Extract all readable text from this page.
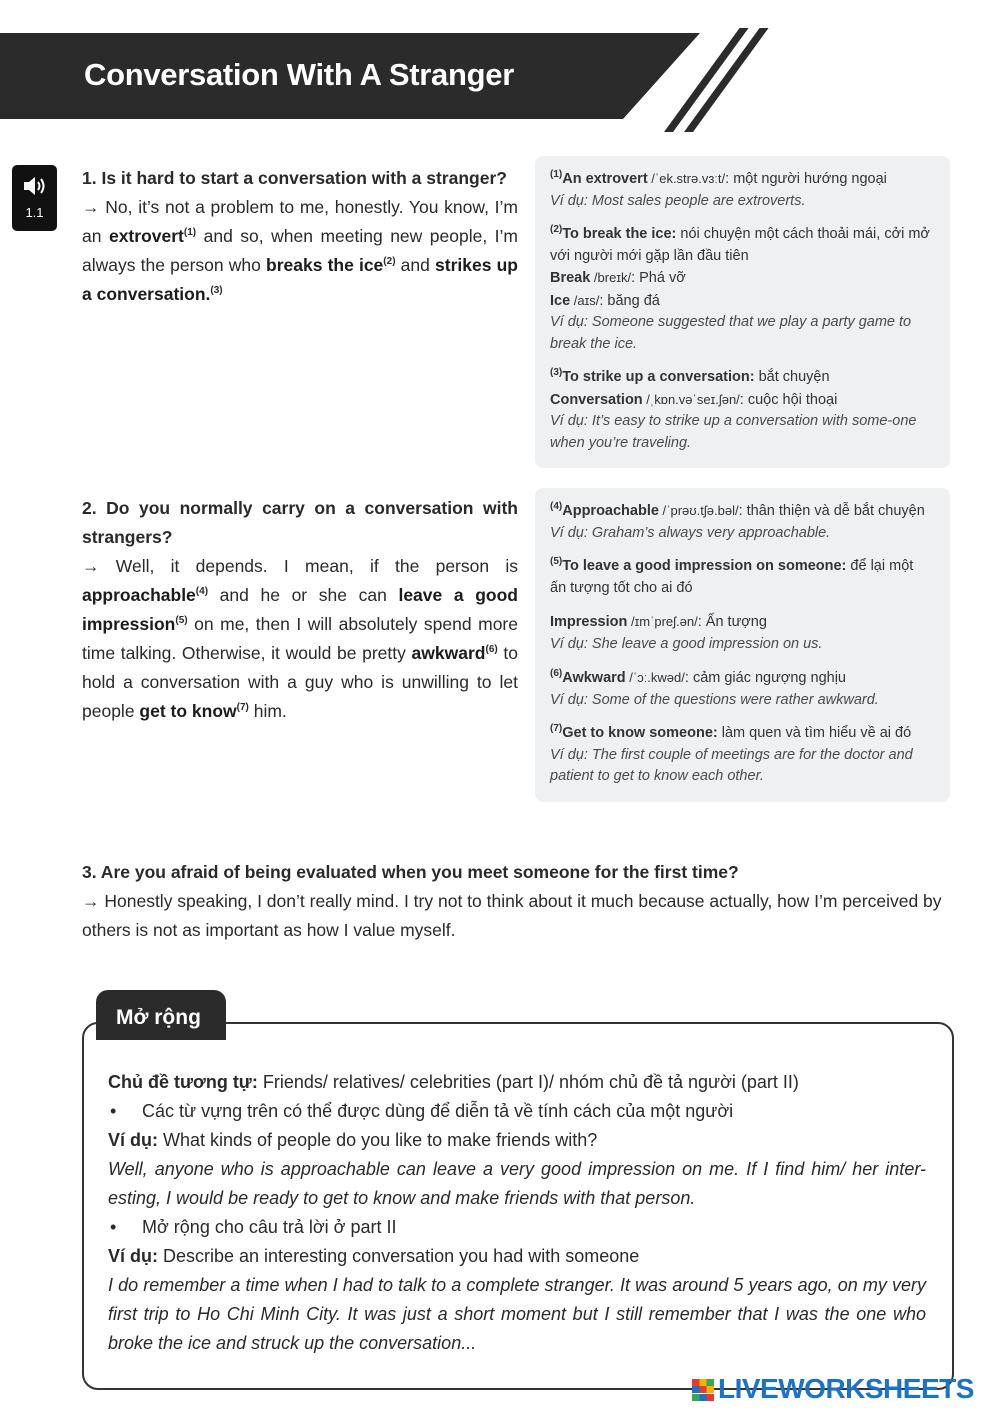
Conversation With A Stranger
1.1
1. Is it hard to start a conversation with a stranger?
→ No, it’s not a problem to me, honestly. You know, I’m an extrovert$^{(1)}$ and so, when meeting new people, I’m always the person who breaks the ice$^{(2)}$ and strikes up a conversation.$^{(3)}$
$^{(1)}$An extrovert /ˈek.strə.vɜːt/: một người hướng ngoại
Ví dụ: Most sales people are extroverts.
$^{(2)}$To break the ice: nói chuyện một cách thoải mái, cởi mở với người mới gặp lần đầu tiên
Break /breɪk/: Phá vỡ
Ice /aɪs/: băng đá
Ví dụ: Someone suggested that we play a party game to break the ice.
$^{(3)}$To strike up a conversation: bắt chuyện
Conversation /ˌkɒn.vəˈseɪ.ʃən/: cuộc hội thoại
Ví dụ: It’s easy to strike up a conversation with some-one when you’re traveling.
2. Do you normally carry on a conversation with strangers?
→ Well, it depends. I mean, if the person is approachable$^{(4)}$ and he or she can leave a good impression$^{(5)}$ on me, then I will absolutely spend more time talking. Otherwise, it would be pretty awkward$^{(6)}$ to hold a conversation with a guy who is unwilling to let people get to know$^{(7)}$ him.
$^{(4)}$Approachable /ˈprəʊ.tʃə.bəl/: thân thiện và dễ bắt chuyện
Ví dụ: Graham’s always very approachable.
$^{(5)}$To leave a good impression on someone: để lại một ấn tượng tốt cho ai đó
Impression /ɪmˈpreʃ.ən/: Ấn tượng
Ví dụ: She leave a good impression on us.
$^{(6)}$Awkward /ˈɔː.kwəd/: cảm giác ngượng nghịu
Ví dụ: Some of the questions were rather awkward.
$^{(7)}$Get to know someone: làm quen và tìm hiểu về ai đó
Ví dụ: The first couple of meetings are for the doctor and patient to get to know each other.
3. Are you afraid of being evaluated when you meet someone for the first time?
→ Honestly speaking, I don’t really mind. I try not to think about it much because actually, how I’m perceived by others is not as important as how I value myself.
Mở rộng
Chủ đề tương tự: Friends/ relatives/ celebrities (part I)/ nhóm chủ đề tả người (part II)
• Các từ vựng trên có thể được dùng để diễn tả về tính cách của một người
Ví dụ: What kinds of people do you like to make friends with?
Well, anyone who is approachable can leave a very good impression on me. If I find him/ her inter-esting, I would be ready to get to know and make friends with that person.
• Mở rộng cho câu trả lời ở part II
Ví dụ: Describe an interesting conversation you had with someone
I do remember a time when I had to talk to a complete stranger. It was around 5 years ago, on my very first trip to Ho Chi Minh City. It was just a short moment but I still remember that I was the one who broke the ice and struck up the conversation...
LIVEWORKSHEETS
